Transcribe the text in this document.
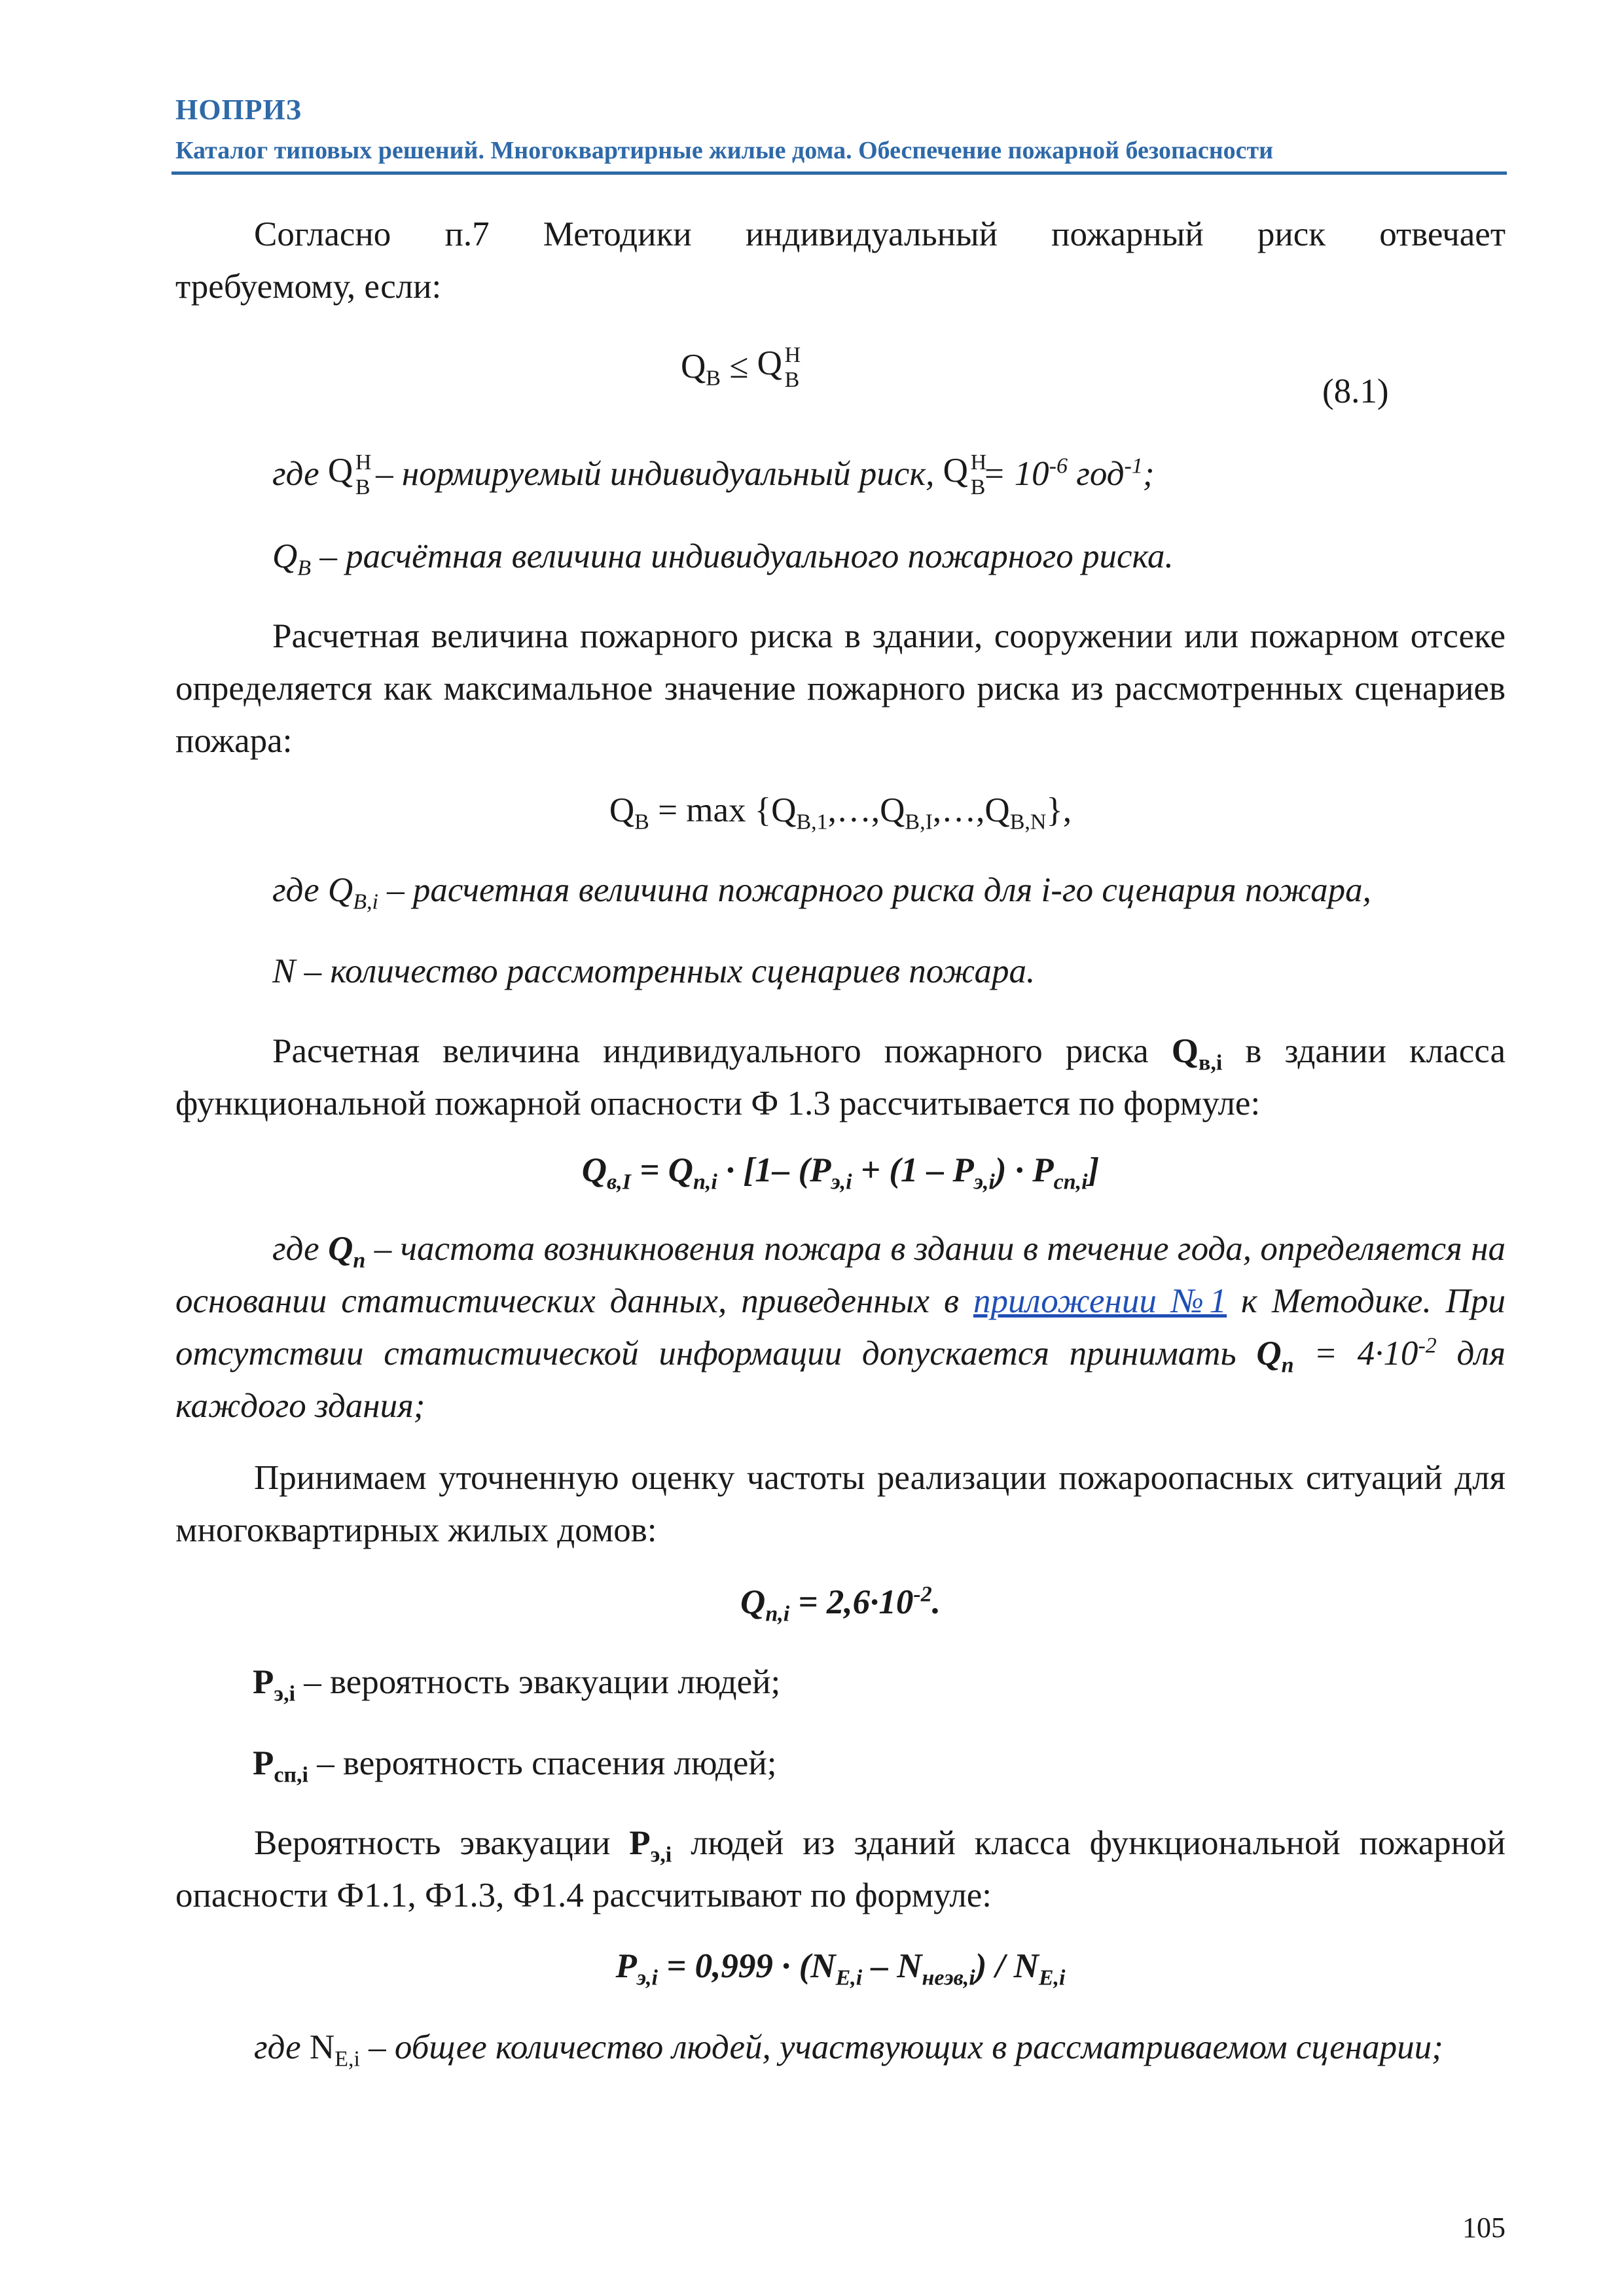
НОПРИЗ
Каталог типовых решений. Многоквартирные жилые дома. Обеспечение пожарной безопасности

Согласно п.7 Методики индивидуальный пожарный риск отвечает

требуемому, если:

$Q_В \le Q$ Н
В	(8.1)
где Q Н
В – нормируемый индивидуальный риск, Q Н
В
= $10^{-6}$ год$^{-1}$;
$Q_В$ – расчётная величина индивидуального пожарного риска.

Расчетная величина пожарного риска в здании, сооружении или пожарном отсеке определяется как максимальное значение пожарного риска из рассмотренных сценариев пожара:

$Q_В = \max$ $\{Q_{В,1},\dots,Q_{В,I},\dots,Q_{В,N}\}$,
где $Q_{В,i}$ – расчетная величина пожарного риска для i-го сценария пожара,
N – количество рассмотренных сценариев пожара.

Расчетная величина индивидуального пожарного риска $Q_{в,i}$ в здании класса функциональной пожарной опасности Ф 1.3 рассчитывается по формуле:

$Q_{в,I} = Q_{п,i} \cdot [1-$ $(P_{э,i} + (1 - P_{э,i}) \cdot P_{сп,i}]$

где $Q_п$ – частота возникновения пожара в здании в течение года, определяется на основании статистических данных, приведенных в приложении №1 к Методике. При отсутствии статистической информации допускается принимать $Q_п = 4\cdot 10^{-2}$ для каждого здания;

Принимаем уточненную оценку частоты реализации пожароопасных ситуаций для многоквартирных жилых домов:

$Q_{п,i} = 2,6\cdot 10^{-2}$.
$P_{э,i}$ – вероятность эвакуации людей;
$P_{сп,i}$ – вероятность спасения людей;

Вероятность эвакуации $P_{э,i}$ людей из зданий класса функциональной пожарной опасности Ф1.1, Ф1.3, Ф1.4 рассчитывают по формуле:

$P_{э,i} = 0,999 \cdot (N_{E,i} - N_{неэв,i}) / N_{E,i}$

где $N_{E,i}$ – общее количество людей, участвующих в рассматриваемом сценарии;

105
